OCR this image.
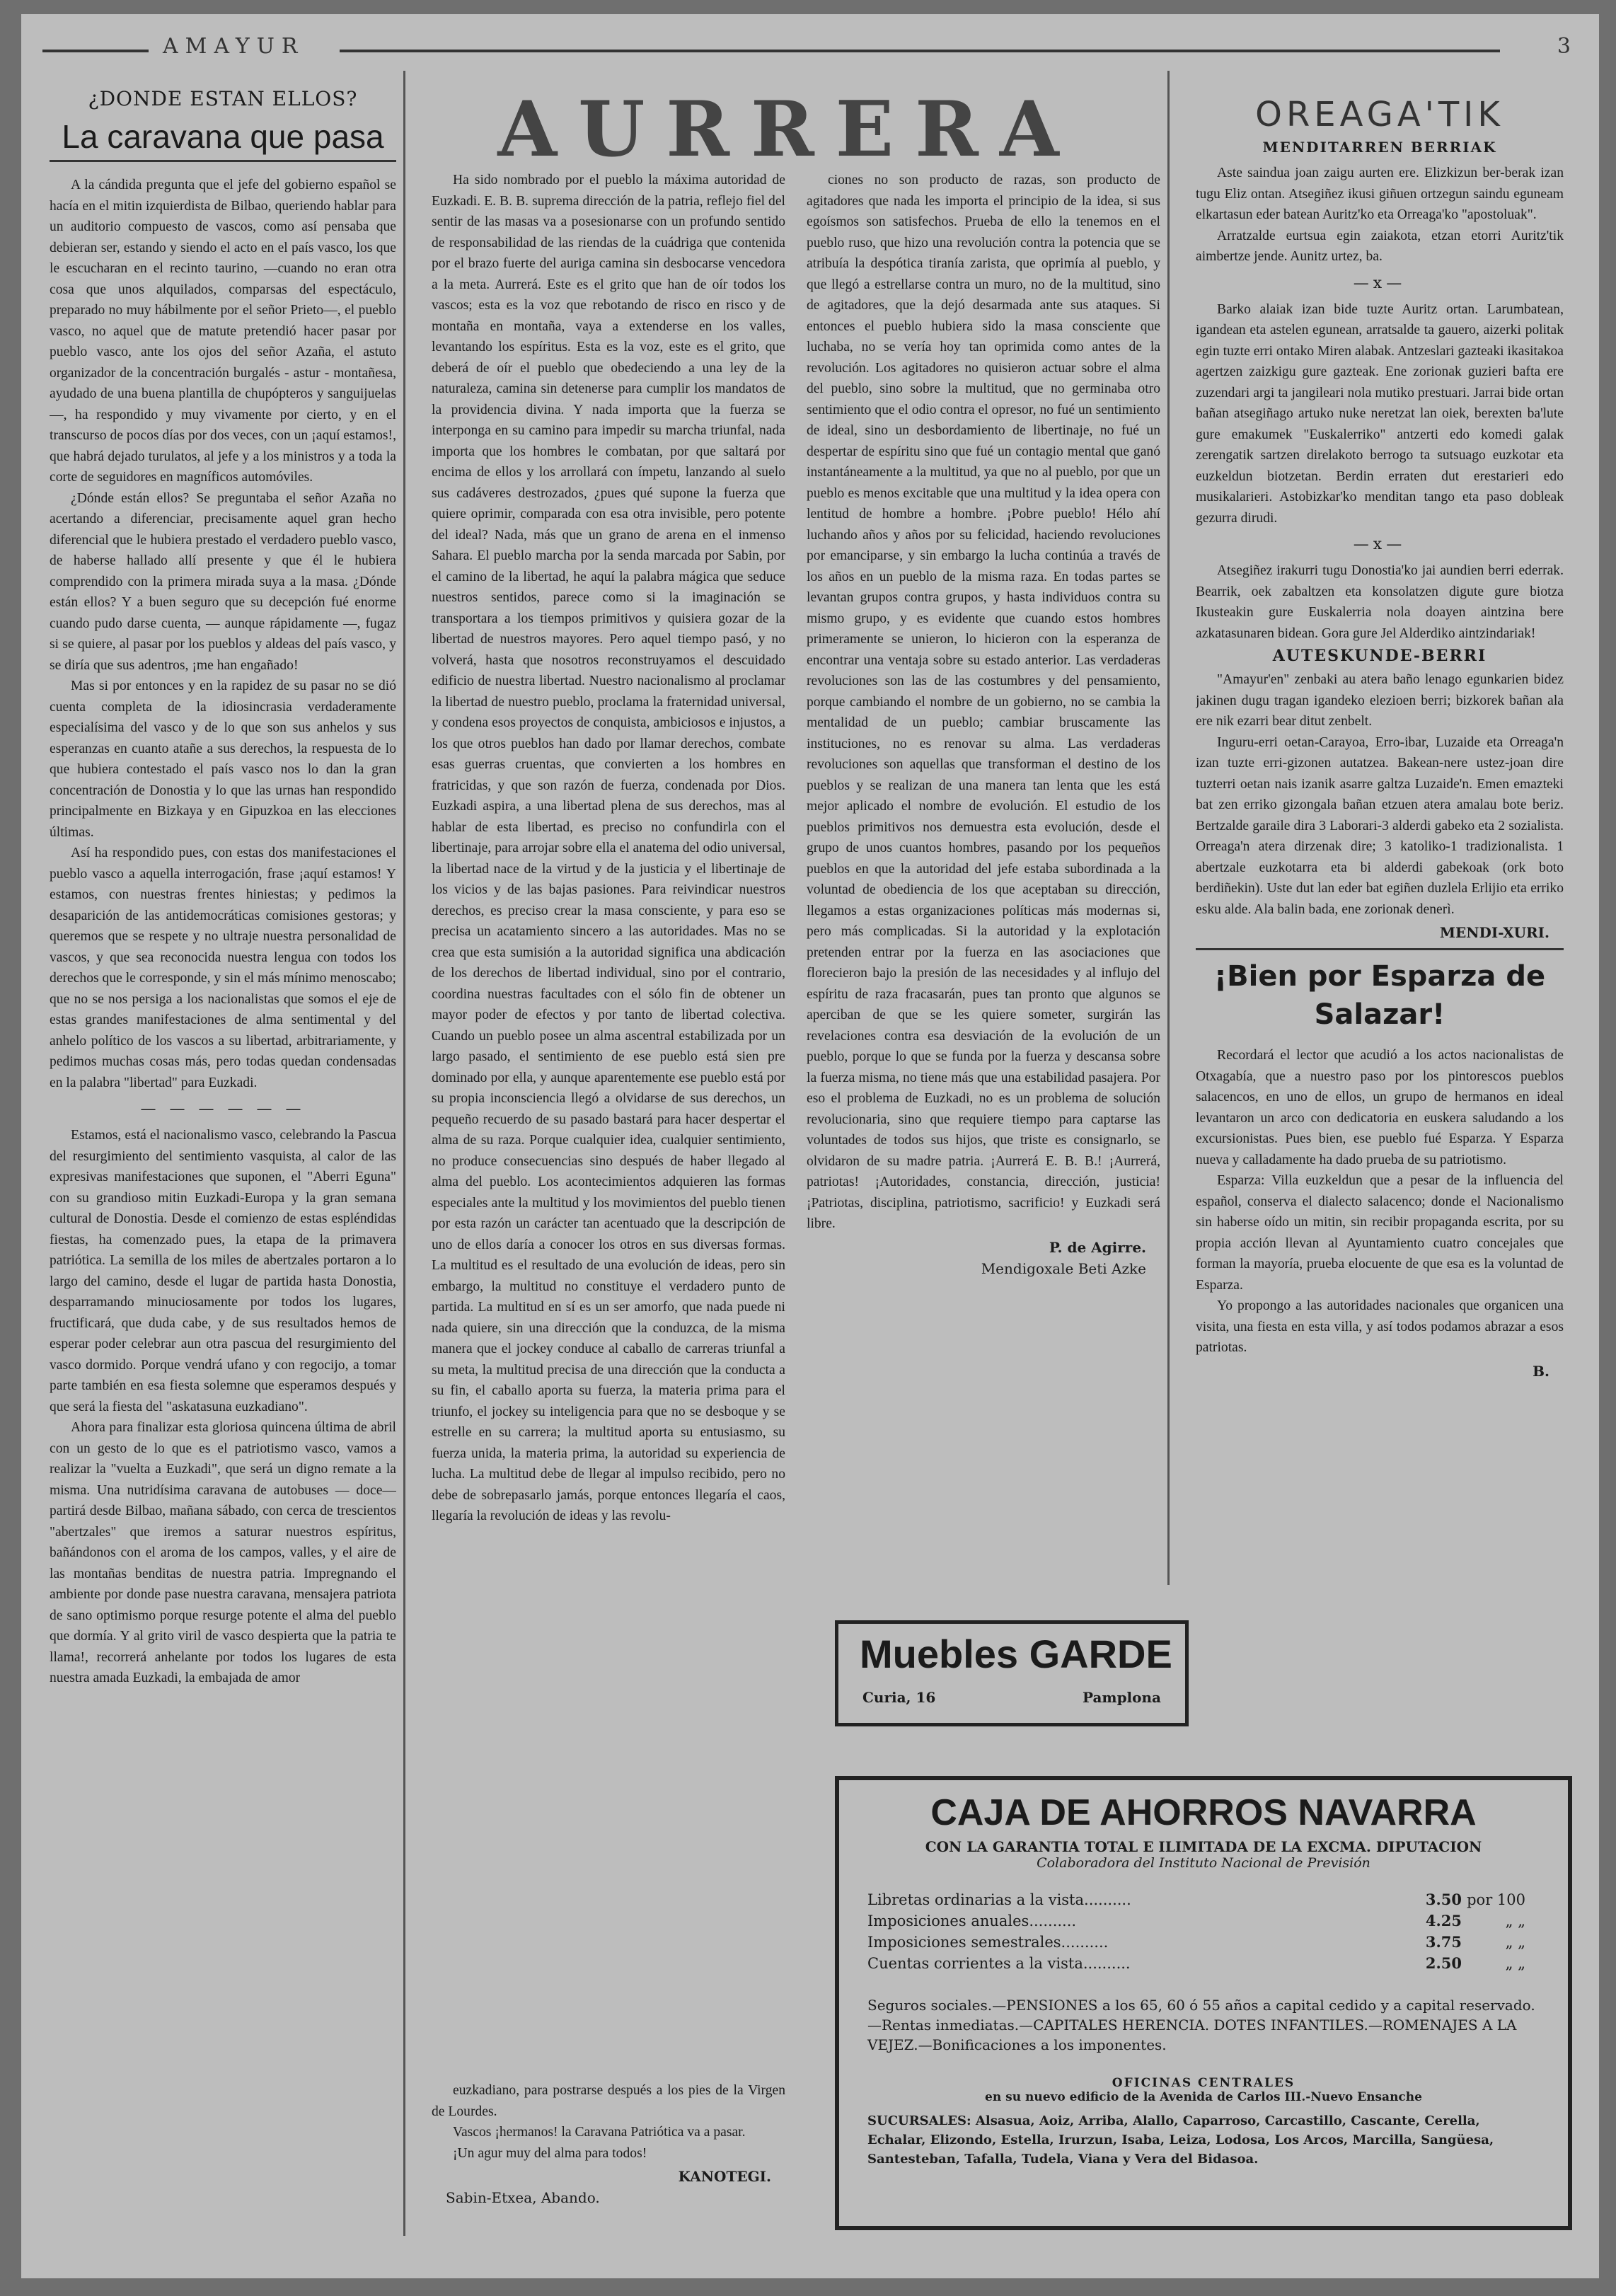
AMAYUR	3
¿DONDE ESTAN ELLOS?
La caravana que pasa

A la cándida pregunta que el jefe del gobierno español se hacía en el mitin izquierdista de Bilbao, queriendo hablar para un auditorio compuesto de vascos, como así pensaba que debieran ser, estando y siendo el acto en el país vasco, los que le escucharan en el recinto taurino, —cuando no eran otra cosa que unos alquilados, comparsas del espectáculo, preparado no muy hábilmente por el señor Prieto—, el pueblo vasco, no aquel que de matute pretendió hacer pasar por pueblo vasco, ante los ojos del señor Azaña, el astuto organizador de la concentración burgalés - astur - montañesa, ayudado de una buena plantilla de chupópteros y sanguijuelas—, ha respondido y muy vivamente por cierto, y en el transcurso de pocos días por dos veces, con un ¡aquí estamos!, que habrá dejado turulatos, al jefe y a los ministros y a toda la corte de seguidores en magníficos automóviles.

¿Dónde están ellos? Se preguntaba el señor Azaña no acertando a diferenciar, precisamente aquel gran hecho diferencial que le hubiera prestado el verdadero pueblo vasco, de haberse hallado allí presente y que él le hubiera comprendido con la primera mirada suya a la masa. ¿Dónde están ellos? Y a buen seguro que su decepción fué enorme cuando pudo darse cuenta, — aunque rápidamente —, fugaz si se quiere, al pasar por los pueblos y aldeas del país vasco, y se diría que sus adentros, ¡me han engañado!

Mas si por entonces y en la rapidez de su pasar no se dió cuenta completa de la idiosincrasia verdaderamente especialísima del vasco y de lo que son sus anhelos y sus esperanzas en cuanto atañe a sus derechos, la respuesta de lo que hubiera contestado el país vasco nos lo dan la gran concentración de Donostia y lo que las urnas han respondido principalmente en Bizkaya y en Gipuzkoa en las elecciones últimas.

Así ha respondido pues, con estas dos manifestaciones el pueblo vasco a aquella interrogación, frase ¡aquí estamos! Y estamos, con nuestras frentes hiniestas; y pedimos la desaparición de las antidemocráticas comisiones gestoras; y queremos que se respete y no ultraje nuestra personalidad de vascos, y que sea reconocida nuestra lengua con todos los derechos que le corresponde, y sin el más mínimo menoscabo; que no se nos persiga a los nacionalistas que somos el eje de estas grandes manifestaciones de alma sentimental y del anhelo político de los vascos a su libertad, arbitrariamente, y pedimos muchas cosas más, pero todas quedan condensadas en la palabra "libertad" para Euzkadi.

— — — — — —

Estamos, está el nacionalismo vasco, celebrando la Pascua del resurgimiento del sentimiento vasquista, al calor de las expresivas manifestaciones que suponen, el "Aberri Eguna" con su grandioso mitin Euzkadi-Europa y la gran semana cultural de Donostia. Desde el comienzo de estas espléndidas fiestas, ha comenzado pues, la etapa de la primavera patriótica. La semilla de los miles de abertzales portaron a lo largo del camino, desde el lugar de partida hasta Donostia, desparramando minuciosamente por todos los lugares, fructificará, que duda cabe, y de sus resultados hemos de esperar poder celebrar aun otra pascua del resurgimiento del vasco dormido. Porque vendrá ufano y con regocijo, a tomar parte también en esa fiesta solemne que esperamos después y que será la fiesta del "askatasuna euzkadiano".

Ahora para finalizar esta gloriosa quincena última de abril con un gesto de lo que es el patriotismo vasco, vamos a realizar la "vuelta a Euzkadi", que será un digno remate a la misma. Una nutridísima caravana de autobuses — doce— partirá desde Bilbao, mañana sábado, con cerca de trescientos "abertzales" que iremos a saturar nuestros espíritus, bañándonos con el aroma de los campos, valles, y el aire de las montañas benditas de nuestra patria. Impregnando el ambiente por donde pase nuestra caravana, mensajera patriota de sano optimismo porque resurge potente el alma del pueblo que dormía. Y al grito viril de vasco despierta que la patria te llama!, recorrerá anhelante por todos los lugares de esta nuestra amada Euzkadi, la embajada de amor

AURRERA

Ha sido nombrado por el pueblo la máxima autoridad de Euzkadi. E. B. B. suprema dirección de la patria, reflejo fiel del sentir de las masas va a posesionarse con un profundo sentido de responsabilidad de las riendas de la cuádriga que contenida por el brazo fuerte del auriga camina sin desbocarse vencedora a la meta. Aurrerá. Este es el grito que han de oír todos los vascos; esta es la voz que rebotando de risco en risco y de montaña en montaña, vaya a extenderse en los valles, levantando los espíritus. Esta es la voz, este es el grito, que deberá de oír el pueblo que obedeciendo a una ley de la naturaleza, camina sin detenerse para cumplir los mandatos de la providencia divina. Y nada importa que la fuerza se interponga en su camino para impedir su marcha triunfal, nada importa que los hombres le combatan, por que saltará por encima de ellos y los arrollará con ímpetu, lanzando al suelo sus cadáveres destrozados, ¿pues qué supone la fuerza que quiere oprimir, comparada con esa otra invisible, pero potente del ideal? Nada, más que un grano de arena en el inmenso Sahara. El pueblo marcha por la senda marcada por Sabin, por el camino de la libertad, he aquí la palabra mágica que seduce nuestros sentidos, parece como si la imaginación se transportara a los tiempos primitivos y quisiera gozar de la libertad de nuestros mayores. Pero aquel tiempo pasó, y no volverá, hasta que nosotros reconstruyamos el descuidado edificio de nuestra libertad. Nuestro nacionalismo al proclamar la libertad de nuestro pueblo, proclama la fraternidad universal, y condena esos proyectos de conquista, ambiciosos e injustos, a los que otros pueblos han dado por llamar derechos, combate esas guerras cruentas, que convierten a los hombres en fratricidas, y que son razón de fuerza, condenada por Dios. Euzkadi aspira, a una libertad plena de sus derechos, mas al hablar de esta libertad, es preciso no confundirla con el libertinaje, para arrojar sobre ella el anatema del odio universal, la libertad nace de la virtud y de la justicia y el libertinaje de los vicios y de las bajas pasiones. Para reivindicar nuestros derechos, es preciso crear la masa consciente, y para eso se precisa un acatamiento sincero a las autoridades. Mas no se crea que esta sumisión a la autoridad significa una abdicación de los derechos de libertad individual, sino por el contrario, coordina nuestras facultades con el sólo fin de obtener un mayor poder de efectos y por tanto de libertad colectiva. Cuando un pueblo posee un alma ascentral estabilizada por un largo pasado, el sentimiento de ese pueblo está sien pre dominado por ella, y aunque aparentemente ese pueblo está por su propia inconsciencia llegó a olvidarse de sus derechos, un pequeño recuerdo de su pasado bastará para hacer despertar el alma de su raza. Porque cualquier idea, cualquier sentimiento, no produce consecuencias sino después de haber llegado al alma del pueblo. Los acontecimientos adquieren las formas especiales ante la multitud y los movimientos del pueblo tienen por esta razón un carácter tan acentuado que la descripción de uno de ellos daría a conocer los otros en sus diversas formas. La multitud es el resultado de una evolución de ideas, pero sin embargo, la multitud no constituye el verdadero punto de partida. La multitud en sí es un ser amorfo, que nada puede ni nada quiere, sin una dirección que la conduzca, de la misma manera que el jockey conduce al caballo de carreras triunfal a su meta, la multitud precisa de una dirección que la conducta a su fin, el caballo aporta su fuerza, la materia prima para el triunfo, el jockey su inteligencia para que no se desboque y se estrelle en su carrera; la multitud aporta su entusiasmo, su fuerza unida, la materia prima, la autoridad su experiencia de lucha. La multitud debe de llegar al impulso recibido, pero no debe de sobrepasarlo jamás, porque entonces llegaría el caos, llegaría la revolución de ideas y las revolu-

euzkadiano, para postrarse después a los pies de la Virgen de Lourdes.

Vascos ¡hermanos! la Caravana Patriótica va a pasar.

¡Un agur muy del alma para todos!

KANOTEGI.
Sabin-Etxea, Abando.

ciones no son producto de razas, son producto de agitadores que nada les importa el principio de la idea, si sus egoísmos son satisfechos. Prueba de ello la tenemos en el pueblo ruso, que hizo una revolución contra la potencia que se atribuía la despótica tiranía zarista, que oprimía al pueblo, y que llegó a estrellarse contra un muro, no de la multitud, sino de agitadores, que la dejó desarmada ante sus ataques. Si entonces el pueblo hubiera sido la masa consciente que luchaba, no se vería hoy tan oprimida como antes de la revolución. Los agitadores no quisieron actuar sobre el alma del pueblo, sino sobre la multitud, que no germinaba otro sentimiento que el odio contra el opresor, no fué un sentimiento de ideal, sino un desbordamiento de libertinaje, no fué un despertar de espíritu sino que fué un contagio mental que ganó instantáneamente a la multitud, ya que no al pueblo, por que un pueblo es menos excitable que una multitud y la idea opera con lentitud de hombre a hombre. ¡Pobre pueblo! Hélo ahí luchando años y años por su felicidad, haciendo revoluciones por emanciparse, y sin embargo la lucha continúa a través de los años en un pueblo de la misma raza. En todas partes se levantan grupos contra grupos, y hasta individuos contra su mismo grupo, y es evidente que cuando estos hombres primeramente se unieron, lo hicieron con la esperanza de encontrar una ventaja sobre su estado anterior. Las verdaderas revoluciones son las de las costumbres y del pensamiento, porque cambiando el nombre de un gobierno, no se cambia la mentalidad de un pueblo; cambiar bruscamente las instituciones, no es renovar su alma. Las verdaderas revoluciones son aquellas que transforman el destino de los pueblos y se realizan de una manera tan lenta que les está mejor aplicado el nombre de evolución. El estudio de los pueblos primitivos nos demuestra esta evolución, desde el grupo de unos cuantos hombres, pasando por los pequeños pueblos en que la autoridad del jefe estaba subordinada a la voluntad de obediencia de los que aceptaban su dirección, llegamos a estas organizaciones políticas más modernas si, pero más complicadas. Si la autoridad y la explotación pretenden entrar por la fuerza en las asociaciones que florecieron bajo la presión de las necesidades y al influjo del espíritu de raza fracasarán, pues tan pronto que algunos se aperciban de que se les quiere someter, surgirán las revelaciones contra esa desviación de la evolución de un pueblo, porque lo que se funda por la fuerza y descansa sobre la fuerza misma, no tiene más que una estabilidad pasajera. Por eso el problema de Euzkadi, no es un problema de solución revolucionaria, sino que requiere tiempo para captarse las voluntades de todos sus hijos, que triste es consignarlo, se olvidaron de su madre patria. ¡Aurrerá E. B. B.! ¡Aurrerá, patriotas! ¡Autoridades, constancia, dirección, justicia! ¡Patriotas, disciplina, patriotismo, sacrificio! y Euzkadi será libre.

P. de Agirre.
Mendigoxale Beti Azke
Muebles GARDE
Curia, 16	Pamplona
OREAGA'TIK
MENDITARREN BERRIAK

Aste saindua joan zaigu aurten ere. Elizkizun ber-berak izan tugu Eliz ontan. Atsegiñez ikusi giñuen ortzegun saindu eguneam elkartasun eder batean Auritz'ko eta Orreaga'ko "apostoluak".

Arratzalde eurtsua egin zaiakota, etzan etorri Auritz'tik aimbertze jende. Aunitz urtez, ba.

—x—

Barko alaiak izan bide tuzte Auritz ortan. Larumbatean, igandean eta astelen egunean, arratsalde ta gauero, aizerki politak egin tuzte erri ontako Miren alabak. Antzeslari gazteaki ikasitakoa agertzen zaizkigu gure gazteak. Ene zorionak guzieri bafta ere zuzendari argi ta jangileari nola mutiko prestuari. Jarrai bide ortan bañan atsegiñago artuko nuke neretzat lan oiek, berexten ba'lute gure emakumek "Euskalerriko" antzerti edo komedi galak zerengatik sartzen direlakoto berrogo ta sutsuago euzkotar eta euzkeldun biotzetan. Berdin erraten dut erestarieri edo musikalarieri. Astobizkar'ko menditan tango eta paso dobleak gezurra dirudi.

—x—

Atsegiñez irakurri tugu Donostia'ko jai aundien berri ederrak. Bearrik, oek zabaltzen eta konsolatzen digute gure biotza Ikusteakin gure Euskalerria nola doayen aintzina bere azkatasunaren bidean. Gora gure Jel Alderdiko aintzindariak!

AUTESKUNDE-BERRI

"Amayur'en" zenbaki au atera baño lenago egunkarien bidez jakinen dugu tragan igandeko elezioen berri; bizkorek bañan ala ere nik ezarri bear ditut zenbelt.

Inguru-erri oetan-Carayoa, Erro-ibar, Luzaide eta Orreaga'n izan tuzte erri-gizonen autatzea. Bakean-nere ustez-joan dire tuzterri oetan nais izanik asarre galtza Luzaide'n. Emen emazteki bat zen erriko gizongala bañan etzuen atera amalau bote beriz. Bertzalde garaile dira 3 Laborari-3 alderdi gabeko eta 2 sozialista. Orreaga'n atera dirzenak dire; 3 katoliko-1 tradizionalista. 1 abertzale euzkotarra eta bi alderdi gabekoak (ork boto berdiñekin). Uste dut lan eder bat egiñen duzlela Erlijio eta erriko esku alde. Ala balin bada, ene zorionak denerì.

MENDI-XURI.
¡Bien por Esparza de Salazar!

Recordará el lector que acudió a los actos nacionalistas de Otxagabía, que a nuestro paso por los pintorescos pueblos salacencos, en uno de ellos, un grupo de hermanos en ideal levantaron un arco con dedicatoria en euskera saludando a los excursionistas. Pues bien, ese pueblo fué Esparza. Y Esparza nueva y calladamente ha dado prueba de su patriotismo.

Esparza: Villa euzkeldun que a pesar de la influencia del español, conserva el dialecto salacenco; donde el Nacionalismo sin haberse oído un mitin, sin recibir propaganda escrita, por su propia acción llevan al Ayuntamiento cuatro concejales que forman la mayoría, prueba elocuente de que esa es la voluntad de Esparza.

Yo propongo a las autoridades nacionales que organicen una visita, una fiesta en esta villa, y así todos podamos abrazar a esos patriotas.

B.
CAJA DE AHORROS NAVARRA
CON LA GARANTIA TOTAL E ILIMITADA DE LA EXCMA. DIPUTACION
Colaboradora del Instituto Nacional de Previsión
Libretas ordinarias a la vista..........	3.50 por 100
Imposiciones anuales..........	4.25	„ „
Imposiciones semestrales..........	3.75	„ „
Cuentas corrientes a la vista..........	2.50	„ „
Seguros sociales.—PENSIONES a los 65, 60 ó 55 años a capital cedido y a capital reservado.—Rentas inmediatas.—CAPITALES HERENCIA. DOTES INFANTILES.—ROMENAJES A LA VEJEZ.—Bonificaciones a los imponentes.
OFICINAS CENTRALES
en su nuevo edificio de la Avenida de Carlos III.-Nuevo Ensanche
SUCURSALES: Alsasua, Aoiz, Arriba, Alallo, Caparroso, Carcastillo, Cascante, Cerella, Echalar, Elizondo, Estella, Irurzun, Isaba, Leiza, Lodosa, Los Arcos, Marcilla, Sangüesa, Santesteban, Tafalla, Tudela, Viana y Vera del Bidasoa.
